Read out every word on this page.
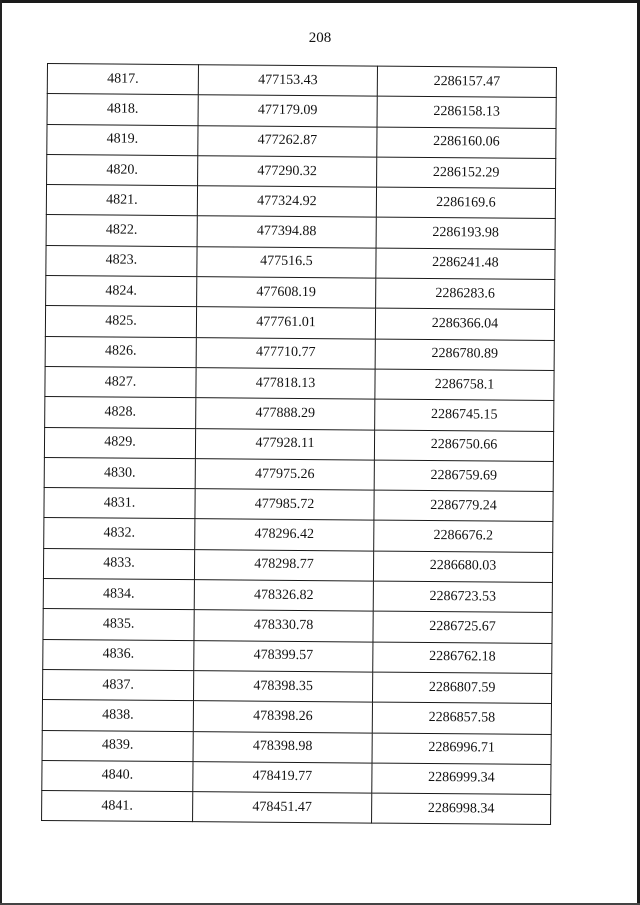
208
4817.	477153.43	2286157.47
4818.	477179.09	2286158.13
4819.	477262.87	2286160.06
4820.	477290.32	2286152.29
4821.	477324.92	2286169.6
4822.	477394.88	2286193.98
4823.	477516.5	2286241.48
4824.	477608.19	2286283.6
4825.	477761.01	2286366.04
4826.	477710.77	2286780.89
4827.	477818.13	2286758.1
4828.	477888.29	2286745.15
4829.	477928.11	2286750.66
4830.	477975.26	2286759.69
4831.	477985.72	2286779.24
4832.	478296.42	2286676.2
4833.	478298.77	2286680.03
4834.	478326.82	2286723.53
4835.	478330.78	2286725.67
4836.	478399.57	2286762.18
4837.	478398.35	2286807.59
4838.	478398.26	2286857.58
4839.	478398.98	2286996.71
4840.	478419.77	2286999.34
4841.	478451.47	2286998.34
